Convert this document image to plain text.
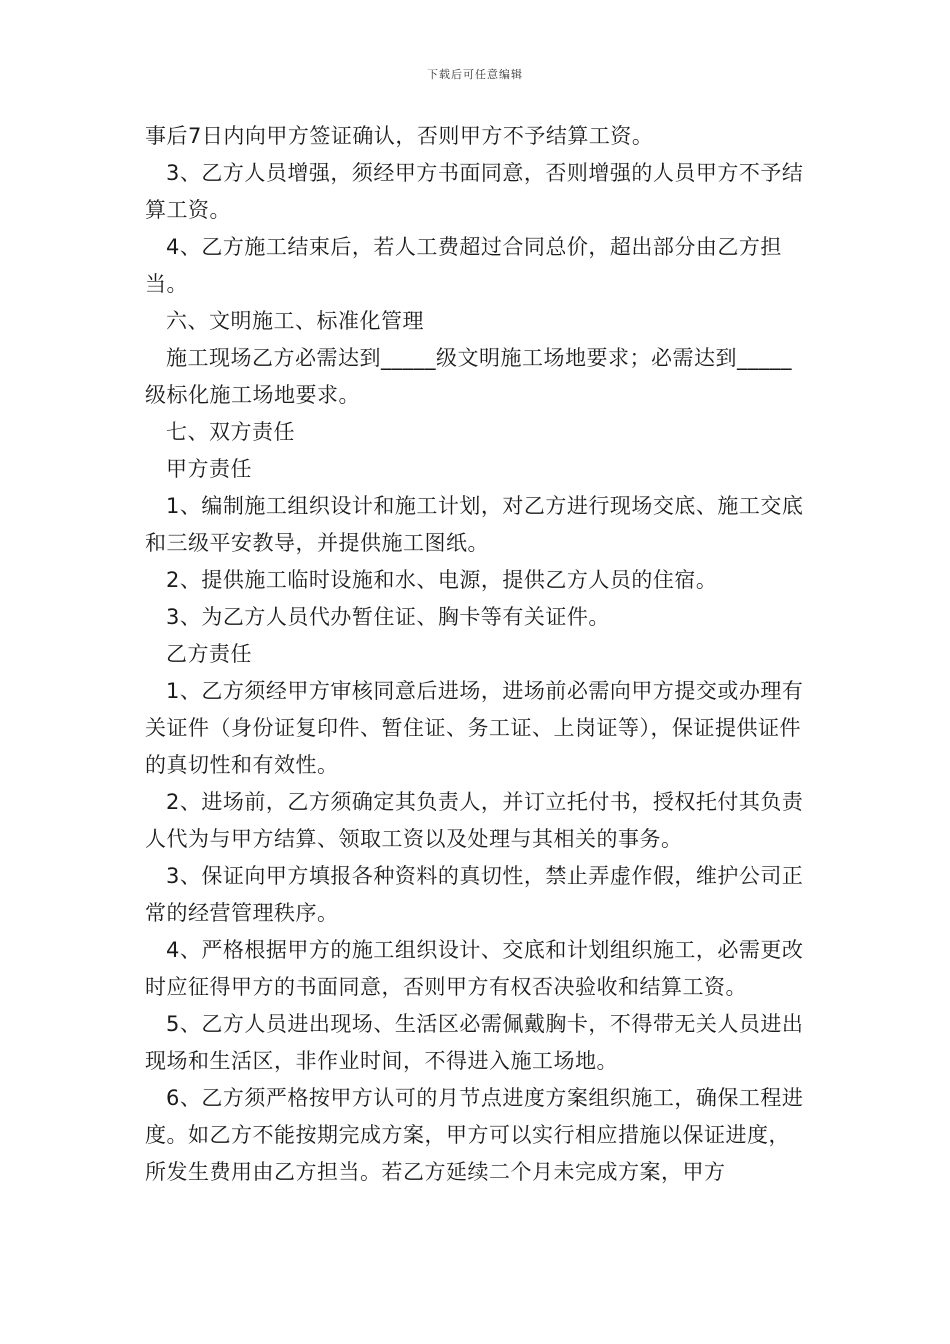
下载后可任意编辑

事后7日内向甲方签证确认，否则甲方不予结算工资。

3、乙方人员增强，须经甲方书面同意，否则增强的人员甲方不予结算工资。

4、乙方施工结束后，若人工费超过合同总价，超出部分由乙方担当。

六、文明施工、标准化管理

施工现场乙方必需达到_____级文明施工场地要求；必需达到_____级标化施工场地要求。

七、双方责任

甲方责任

1、编制施工组织设计和施工计划，对乙方进行现场交底、施工交底和三级平安教导，并提供施工图纸。

2、提供施工临时设施和水、电源，提供乙方人员的住宿。

3、为乙方人员代办暂住证、胸卡等有关证件。

乙方责任

1、乙方须经甲方审核同意后进场，进场前必需向甲方提交或办理有关证件（身份证复印件、暂住证、务工证、上岗证等），保证提供证件的真切性和有效性。

2、进场前，乙方须确定其负责人，并订立托付书，授权托付其负责人代为与甲方结算、领取工资以及处理与其相关的事务。

3、保证向甲方填报各种资料的真切性，禁止弄虚作假，维护公司正常的经营管理秩序。

4、严格根据甲方的施工组织设计、交底和计划组织施工，必需更改时应征得甲方的书面同意，否则甲方有权否决验收和结算工资。

5、乙方人员进出现场、生活区必需佩戴胸卡，不得带无关人员进出现场和生活区，非作业时间，不得进入施工场地。

6、乙方须严格按甲方认可的月节点进度方案组织施工，确保工程进度。如乙方不能按期完成方案，甲方可以实行相应措施以保证进度，所发生费用由乙方担当。若乙方延续二个月未完成方案，甲方
